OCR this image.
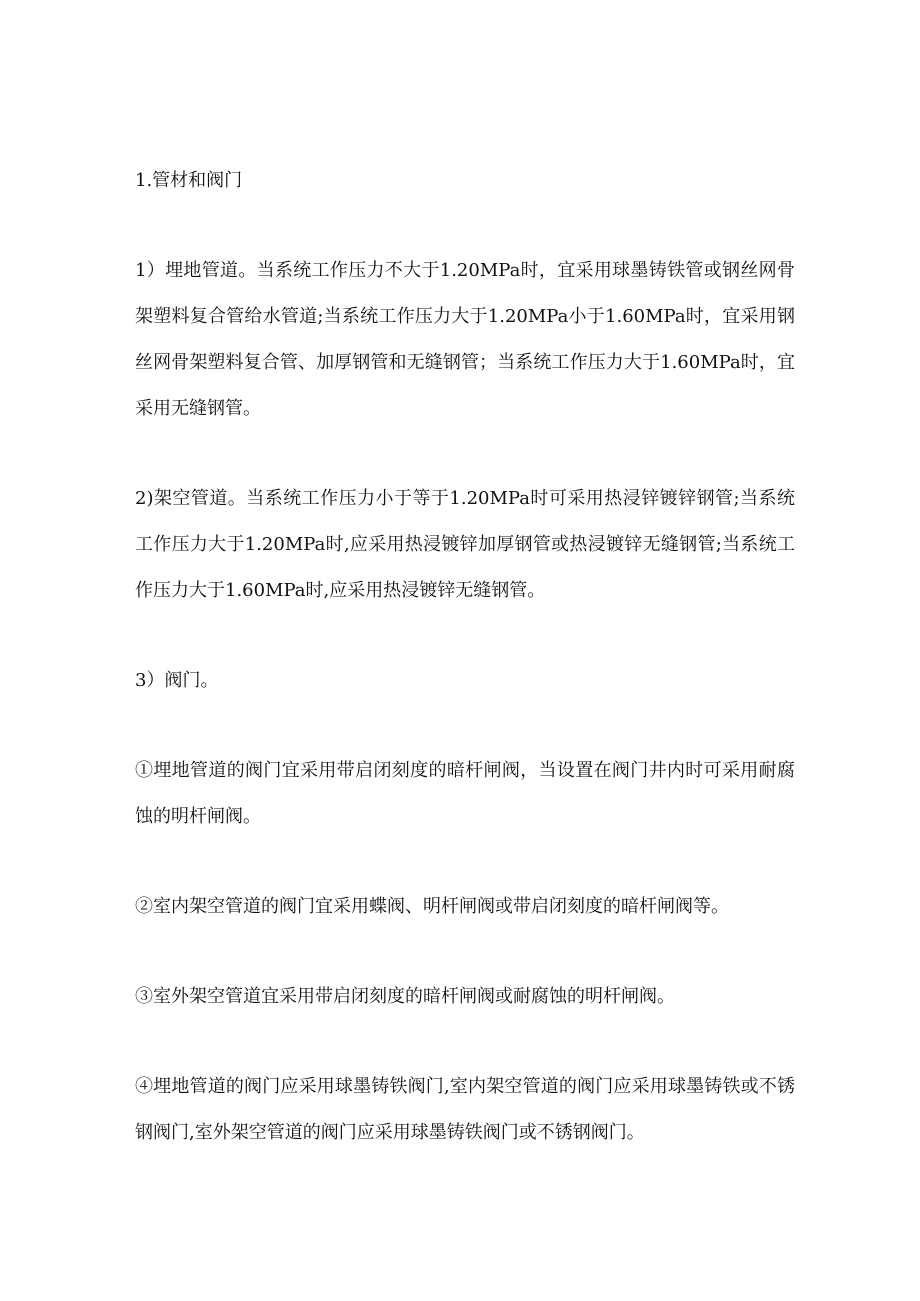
1.管材和阀门

1）埋地管道。当系统工作压力不大于1.20MPa时，宜采用球墨铸铁管或钢丝网骨架塑料复合管给水管道;当系统工作压力大于1.20MPa小于1.60MPa时，宜采用钢丝网骨架塑料复合管、加厚钢管和无缝钢管；当系统工作压力大于1.60MPa时，宜采用无缝钢管。

2)架空管道。当系统工作压力小于等于1.20MPa时可采用热浸锌镀锌钢管;当系统工作压力大于1.20MPa时,应采用热浸镀锌加厚钢管或热浸镀锌无缝钢管;当系统工作压力大于1.60MPa时,应采用热浸镀锌无缝钢管。

3）阀门。

①埋地管道的阀门宜采用带启闭刻度的暗杆闸阀，当设置在阀门井内时可采用耐腐蚀的明杆闸阀。

②室内架空管道的阀门宜采用蝶阀、明杆闸阀或带启闭刻度的暗杆闸阀等。

③室外架空管道宜采用带启闭刻度的暗杆闸阀或耐腐蚀的明杆闸阀。

④埋地管道的阀门应采用球墨铸铁阀门,室内架空管道的阀门应采用球墨铸铁或不锈钢阀门,室外架空管道的阀门应采用球墨铸铁阀门或不锈钢阀门。
